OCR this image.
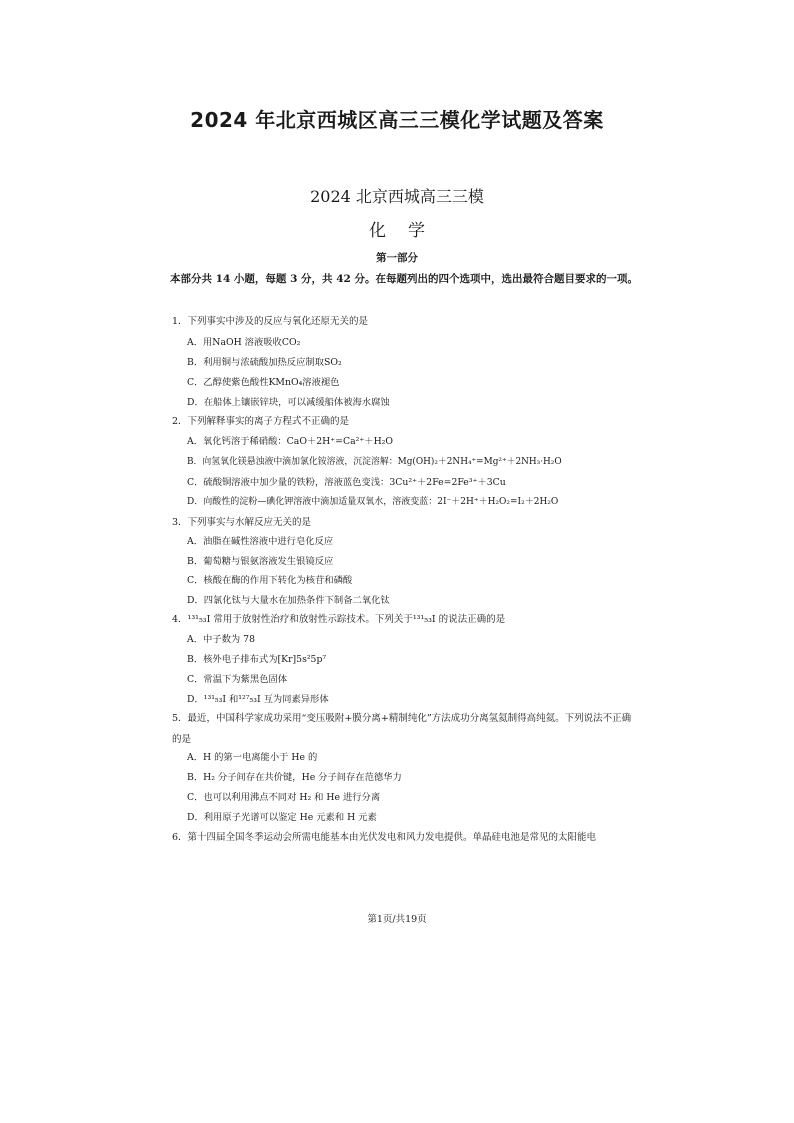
2024 年北京西城区高三三模化学试题及答案
2024 北京西城高三三模
化学
第一部分
本部分共 14 小题，每题 3 分，共 42 分。在每题列出的四个选项中，选出最符合题目要求的一项。
1．下列事实中涉及的反应与氧化还原无关的是
A．用NaOH 溶液吸收CO₂
B．利用铜与浓硫酸加热反应制取SO₂
C．乙醇使紫色酸性KMnO₄溶液褪色
D．在船体上镶嵌锌块，可以减缓船体被海水腐蚀
2．下列解释事实的离子方程式不正确的是
A．氧化钙溶于稀硝酸：CaO＋2H⁺=Ca²⁺＋H₂O
B．向氢氧化镁悬浊液中滴加氯化铵溶液，沉淀溶解：Mg(OH)₂＋2NH₄⁺=Mg²⁺＋2NH₃·H₂O
C．硫酸铜溶液中加少量的铁粉，溶液蓝色变浅：3Cu²⁺＋2Fe=2Fe³⁺＋3Cu
D．向酸性的淀粉—碘化钾溶液中滴加适量双氧水，溶液变蓝：2I⁻＋2H⁺＋H₂O₂=I₂＋2H₂O
3．下列事实与水解反应无关的是
A．油脂在碱性溶液中进行皂化反应
B．葡萄糖与银氨溶液发生银镜反应
C．核酸在酶的作用下转化为核苷和磷酸
D．四氯化钛与大量水在加热条件下制备二氧化钛
4．¹³¹₅₃I 常用于放射性治疗和放射性示踪技术。下列关于¹³¹₅₃I 的说法正确的是
A．中子数为 78
B．核外电子排布式为[Kr]5s²5p⁷
C．常温下为紫黑色固体
D．¹³¹₅₃I 和¹²⁷₅₃I 互为同素异形体
5．最近，中国科学家成功采用“变压吸附+膜分离+精制纯化”方法成功分离氢氦制得高纯氦。下列说法不正确的是
A．H 的第一电离能小于 He 的
B．H₂ 分子间存在共价键，He 分子间存在范德华力
C．也可以利用沸点不同对 H₂ 和 He 进行分离
D．利用原子光谱可以鉴定 He 元素和 H 元素
6．第十四届全国冬季运动会所需电能基本由光伏发电和风力发电提供。单晶硅电池是常见的太阳能电
第1页/共19页
